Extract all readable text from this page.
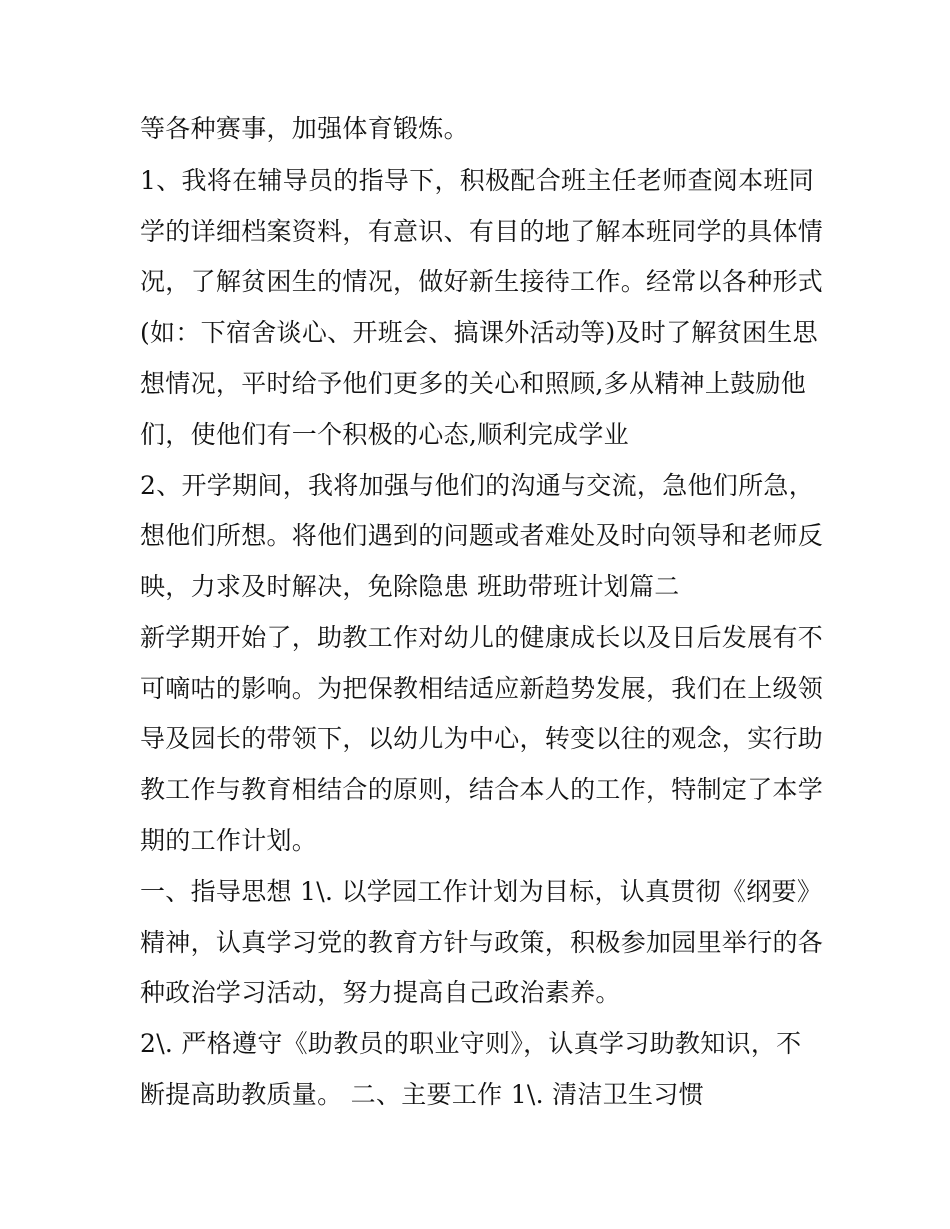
等各种赛事，加强体育锻炼。
1、我将在辅导员的指导下，积极配合班主任老师查阅本班同
学的详细档案资料，有意识、有目的地了解本班同学的具体情
况，了解贫困生的情况，做好新生接待工作。经常以各种形式
(如：下宿舍谈心、开班会、搞课外活动等)及时了解贫困生思
想情况，平时给予他们更多的关心和照顾,多从精神上鼓励他
们，使他们有一个积极的心态,顺利完成学业
2、开学期间，我将加强与他们的沟通与交流，急他们所急，
想他们所想。将他们遇到的问题或者难处及时向领导和老师反
映，力求及时解决，免除隐患 班助带班计划篇二
新学期开始了，助教工作对幼儿的健康成长以及日后发展有不
可嘀咕的影响。为把保教相结适应新趋势发展，我们在上级领
导及园长的带领下，以幼儿为中心，转变以往的观念，实行助
教工作与教育相结合的原则，结合本人的工作，特制定了本学
期的工作计划。
一、指导思想 1\. 以学园工作计划为目标，认真贯彻《纲要》
精神，认真学习党的教育方针与政策，积极参加园里举行的各
种政治学习活动，努力提高自己政治素养。
2\. 严格遵守《助教员的职业守则》，认真学习助教知识，不
断提高助教质量。 二、主要工作 1\. 清洁卫生习惯
